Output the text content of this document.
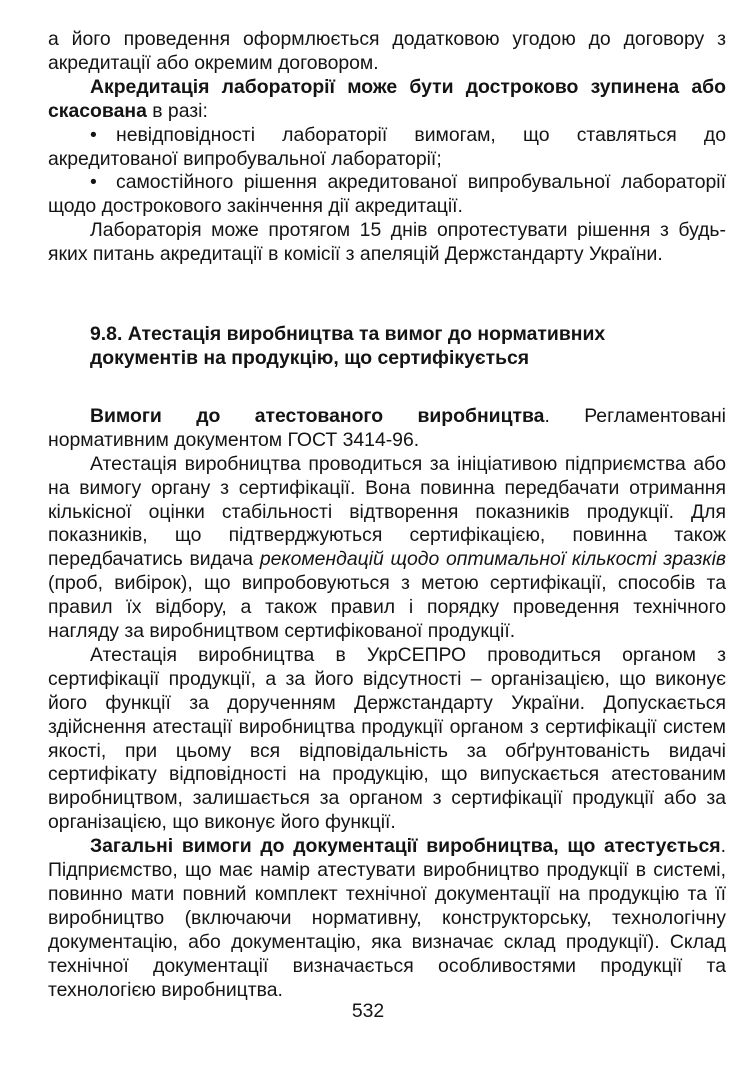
а його проведення оформлюється додатковою угодою до договору з акредитації або окремим договором.

Акредитація лабораторії може бути достроково зупинена або скасована в разі:

• невідповідності лабораторії вимогам, що ставляться до акредитованої випробувальної лабораторії;
• самостійного рішення акредитованої випробувальної лабораторії щодо дострокового закінчення дії акредитації.

Лабораторія може протягом 15 днів опротестувати рішення з будь-яких питань акредитації в комісії з апеляцій Держстандарту України.

9.8. Атестація виробництва та вимог до нормативних
документів на продукцію, що сертифікується

Вимоги до атестованого виробництва. Регламентовані нормативним документом ГОСТ 3414-96.

Атестація виробництва проводиться за ініціативою підприємства або на вимогу органу з сертифікації. Вона повинна передбачати отримання кількісної оцінки стабільності відтворення показників продукції. Для показників, що підтверджуються сертифікацією, повинна також передбачатись видача рекомендацій щодо оптимальної кількості зразків (проб, вибірок), що випробовуються з метою сертифікації, способів та правил їх відбору, а також правил і порядку проведення технічного нагляду за виробництвом сертифікованої продукції.

Атестація виробництва в УкрСЕПРО проводиться органом з сертифікації продукції, а за його відсутності – організацією, що виконує його функції за дорученням Держстандарту України. Допускається здійснення атестації виробництва продукції органом з сертифікації систем якості, при цьому вся відповідальність за обґрунтованість видачі сертифікату відповідності на продукцію, що випускається атестованим виробництвом, залишається за органом з сертифікації продукції або за організацією, що виконує його функції.

Загальні вимоги до документації виробництва, що атестується. Підприємство, що має намір атестувати виробництво продукції в системі, повинно мати повний комплект технічної документації на продукцію та її виробництво (включаючи нормативну, конструкторську, технологічну документацію, або документацію, яка визначає склад продукції). Склад технічної документації визначається особливостями продукції та технологією виробництва.

532
